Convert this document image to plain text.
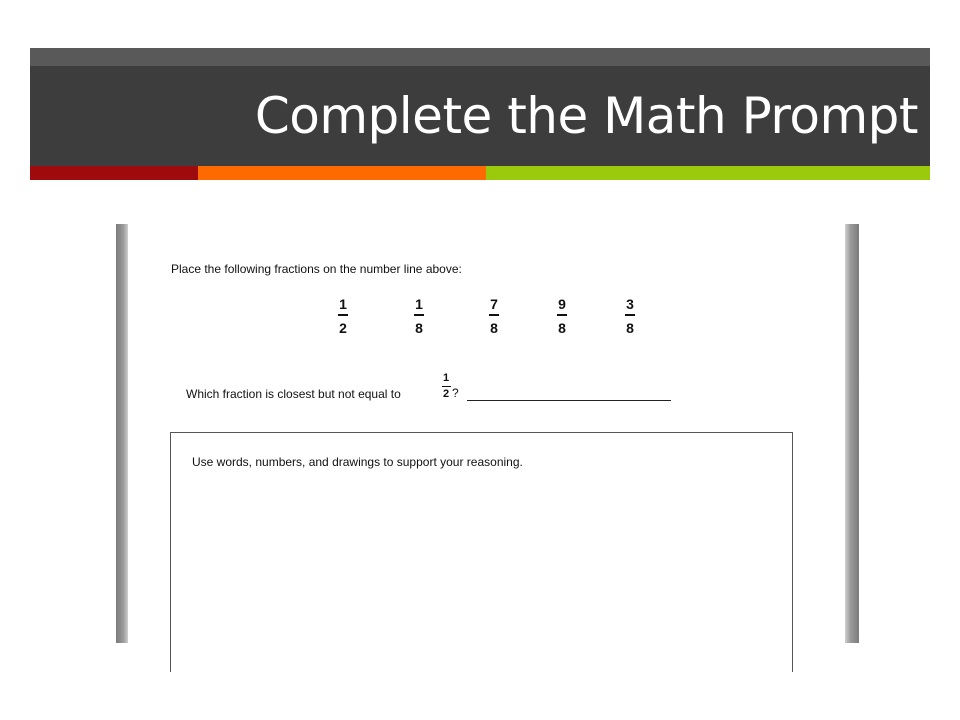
Complete the Math Prompt
Place the following fractions on the number line above:
1
2
1
8
7
8
9
8
3
8
Which fraction is closest but not equal to
1
2 ?
Use words, numbers, and drawings to support your reasoning.
